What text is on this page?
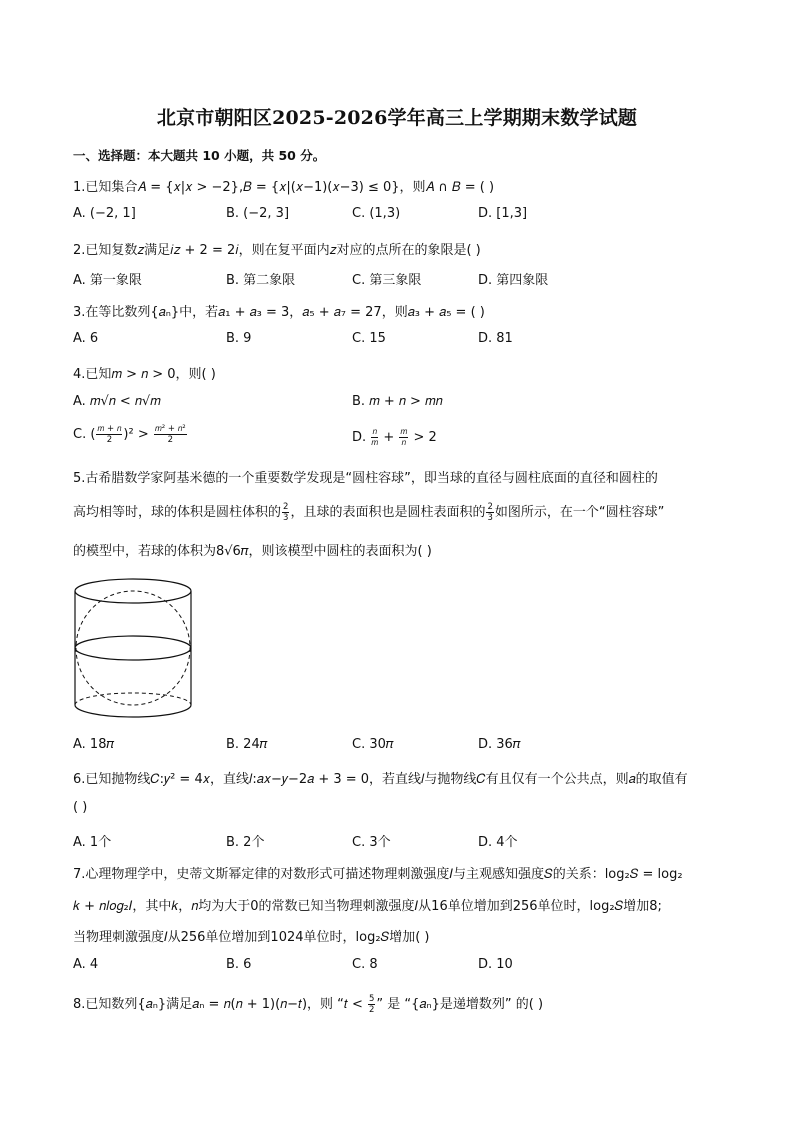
北京市朝阳区2025-2026学年高三上学期期末数学试题
一、选择题：本大题共 10 小题，共 50 分。
1.已知集合𝐴 = {𝑥|𝑥 > −2},𝐵 = {𝑥|(𝑥−1)(𝑥−3) ≤ 0}，则𝐴 ∩ 𝐵 = ( )
A. (−2, 1]	B. (−2, 3]	C. (1,3)	D. [1,3]
2.已知复数𝑧满足𝑖𝑧 + 2 = 2𝑖，则在复平面内𝑧对应的点所在的象限是( )
A. 第一象限	B. 第二象限	C. 第三象限	D. 第四象限
3.在等比数列{𝑎ₙ}中，若𝑎₁ + 𝑎₃ = 3，𝑎₅ + 𝑎₇ = 27，则𝑎₃ + 𝑎₅ = ( )
A. 6	B. 9	C. 15	D. 81
4.已知𝑚 > 𝑛 > 0，则( )
A. 𝑚√𝑛 < 𝑛√𝑚	B. 𝑚 + 𝑛 > 𝑚𝑛
C. ( $\frac{\text{𝑚 + 𝑛}}{2} )^2 > \frac{\text{𝑚² + 𝑛²}}{2}$	D. $\frac{\text{𝑛}}{\text{𝑚}} + \frac{\text{𝑚}}{\text{𝑛}} > 2$
5.古希腊数学家阿基米德的一个重要数学发现是“圆柱容球”，即当球的直径与圆柱底面的直径和圆柱的
高均相等时，球的体积是圆柱体积的 $\frac{2}{3}$ ，且球的表面积也是圆柱表面积的 $\frac{2}{3}$ 如图所示，在一个“圆柱容球”
的模型中，若球的体积为8√6𝜋，则该模型中圆柱的表面积为( )
A. 18𝜋	B. 24𝜋	C. 30𝜋	D. 36𝜋
6.已知抛物线𝐶:𝑦² = 4𝑥，直线𝑙:𝑎𝑥−𝑦−2𝑎 + 3 = 0，若直线𝑙与抛物线𝐶有且仅有一个公共点，则𝑎的取值有
( )
A. 1个	B. 2个	C. 3个	D. 4个
7.心理物理学中，史蒂文斯幂定律的对数形式可描述物理刺激强度𝐼与主观感知强度𝑆的关系：log₂𝑆 = log₂
𝑘 + 𝑛𝑙𝑜𝑔₂𝐼，其中𝑘，𝑛均为大于0的常数已知当物理刺激强度𝐼从16单位增加到256单位时，log₂𝑆增加8;
当物理刺激强度𝐼从256单位增加到1024单位时，log₂𝑆增加( )
A. 4	B. 6	C. 8	D. 10
8.已知数列{𝑎ₙ}满足𝑎ₙ = 𝑛(𝑛 + 1)(𝑛−𝑡)，则 “𝑡 < $\frac{5}{2}$ ” 是 “{𝑎ₙ}是递增数列” 的( )
